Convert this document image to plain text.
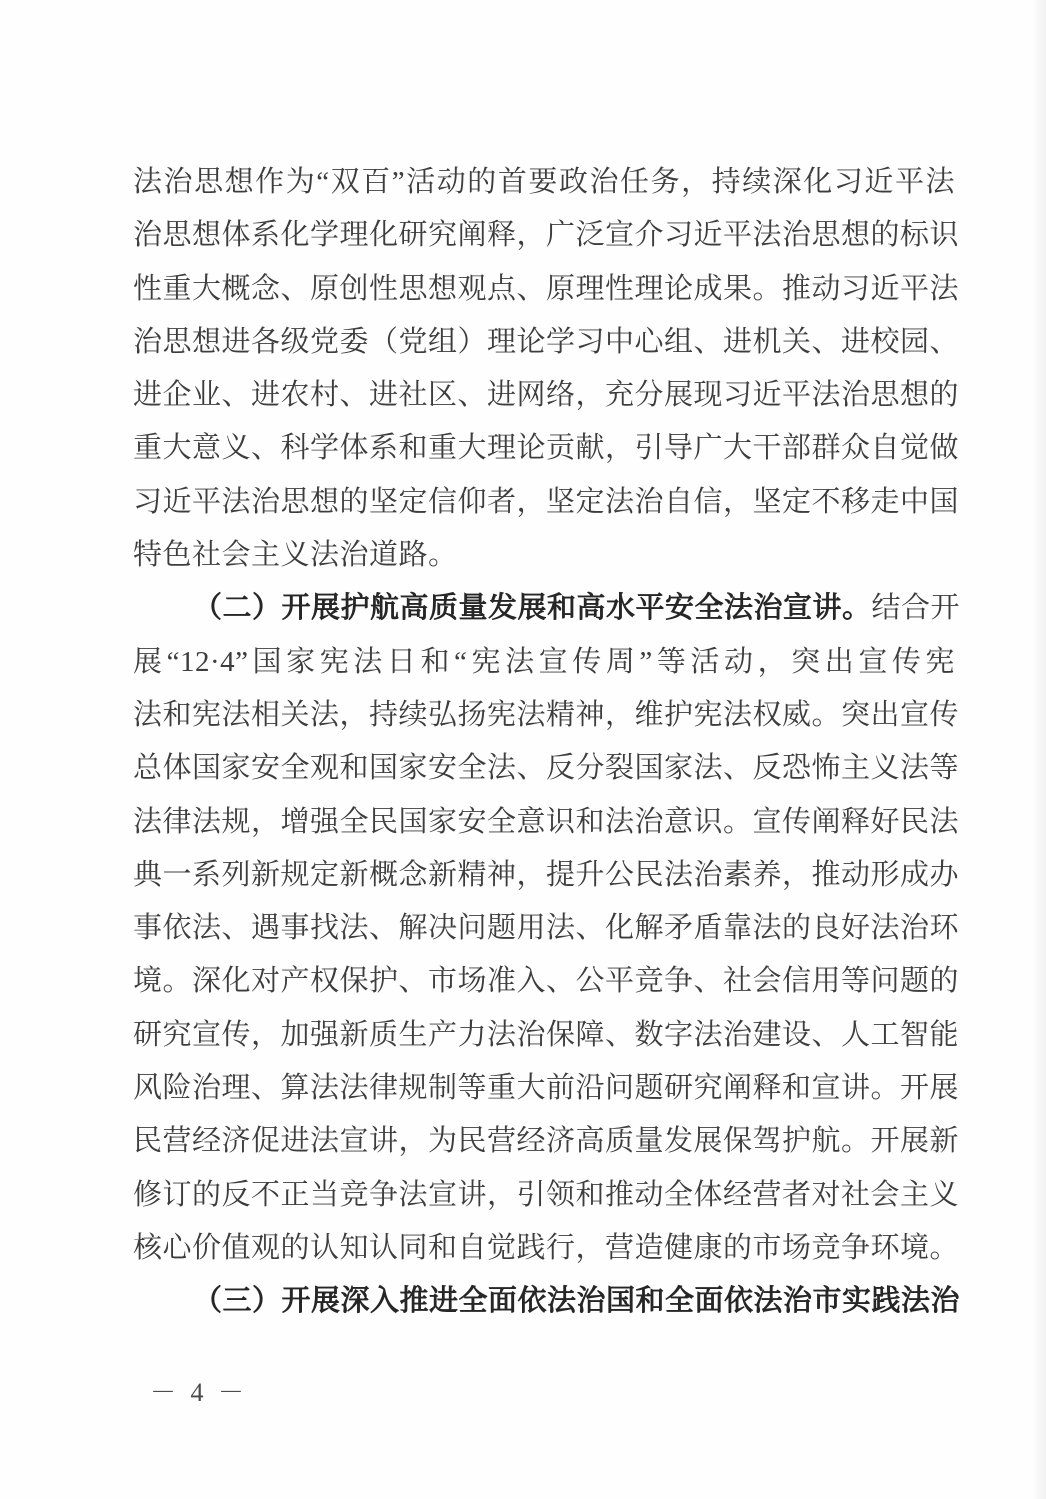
法治思想作为“双百”活动的首要政治任务，持续深化习近平法
治思想体系化学理化研究阐释，广泛宣介习近平法治思想的标识
性重大概念、原创性思想观点、原理性理论成果。推动习近平法
治思想进各级党委（党组）理论学习中心组、进机关、进校园、
进企业、进农村、进社区、进网络，充分展现习近平法治思想的
重大意义、科学体系和重大理论贡献，引导广大干部群众自觉做
习近平法治思想的坚定信仰者，坚定法治自信，坚定不移走中国
特色社会主义法治道路。
（二）开展护航高质量发展和高水平安全法治宣讲。结合开
展“12·4”国家宪法日和“宪法宣传周”等活动，突出宣传宪
法和宪法相关法，持续弘扬宪法精神，维护宪法权威。突出宣传
总体国家安全观和国家安全法、反分裂国家法、反恐怖主义法等
法律法规，增强全民国家安全意识和法治意识。宣传阐释好民法
典一系列新规定新概念新精神，提升公民法治素养，推动形成办
事依法、遇事找法、解决问题用法、化解矛盾靠法的良好法治环
境。深化对产权保护、市场准入、公平竞争、社会信用等问题的
研究宣传，加强新质生产力法治保障、数字法治建设、人工智能
风险治理、算法法律规制等重大前沿问题研究阐释和宣讲。开展
民营经济促进法宣讲，为民营经济高质量发展保驾护航。开展新
修订的反不正当竞争法宣讲，引领和推动全体经营者对社会主义
核心价值观的认知认同和自觉践行，营造健康的市场竞争环境。
（三）开展深入推进全面依法治国和全面依法治市实践法治
－ 4 －
